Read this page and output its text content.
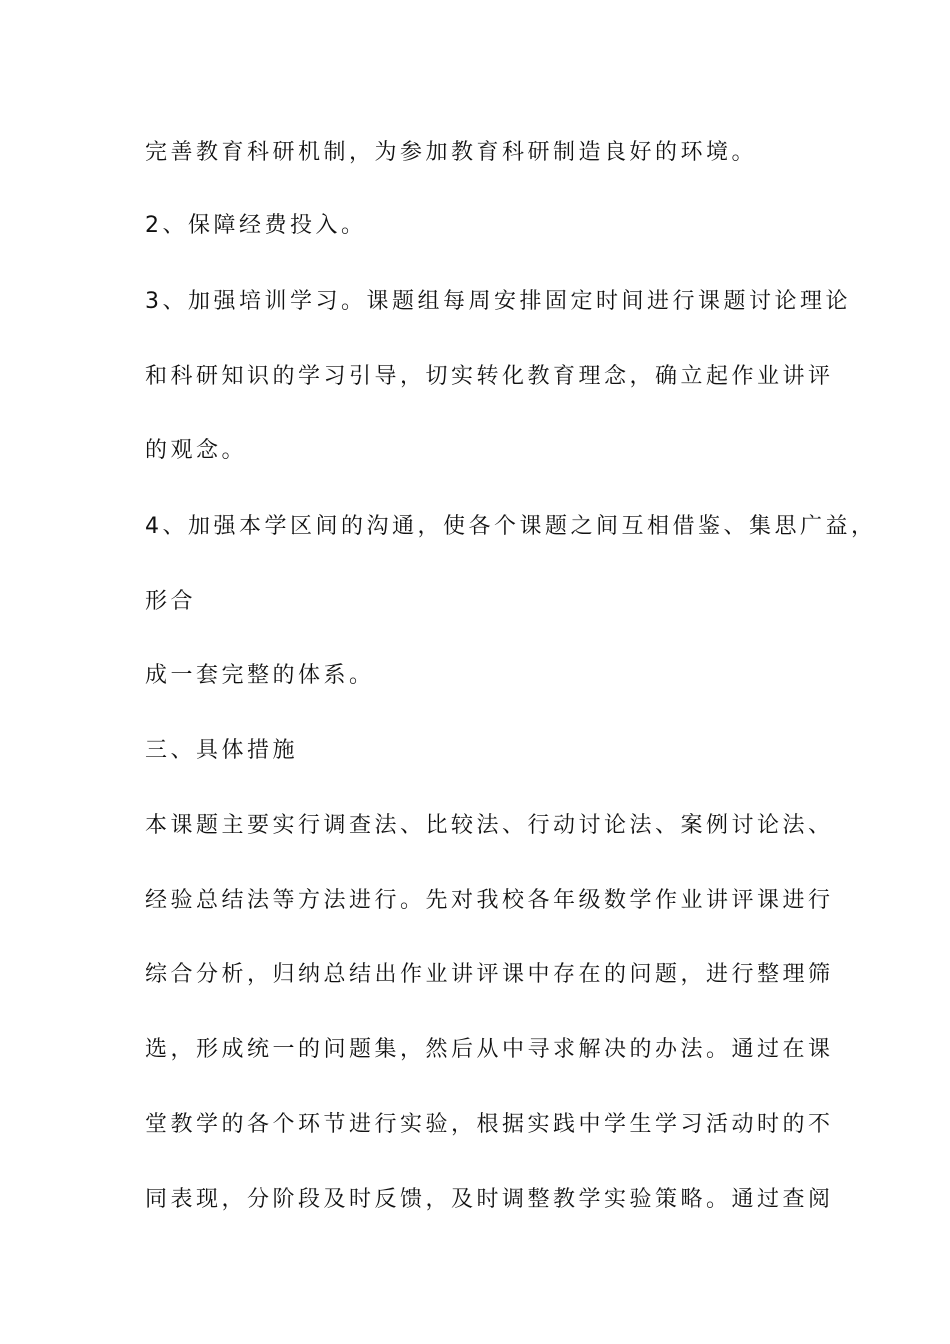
完善教育科研机制，为参加教育科研制造良好的环境。
2、保障经费投入。
3、加强培训学习。课题组每周安排固定时间进行课题讨论理论
和科研知识的学习引导，切实转化教育理念，确立起作业讲评
的观念。
4、加强本学区间的沟通，使各个课题之间互相借鉴、集思广益，
形合
成一套完整的体系。
三、具体措施
本课题主要实行调查法、比较法、行动讨论法、案例讨论法、
经验总结法等方法进行。先对我校各年级数学作业讲评课进行
综合分析，归纳总结出作业讲评课中存在的问题，进行整理筛
选，形成统一的问题集，然后从中寻求解决的办法。通过在课
堂教学的各个环节进行实验，根据实践中学生学习活动时的不
同表现，分阶段及时反馈，及时调整教学实验策略。通过查阅
